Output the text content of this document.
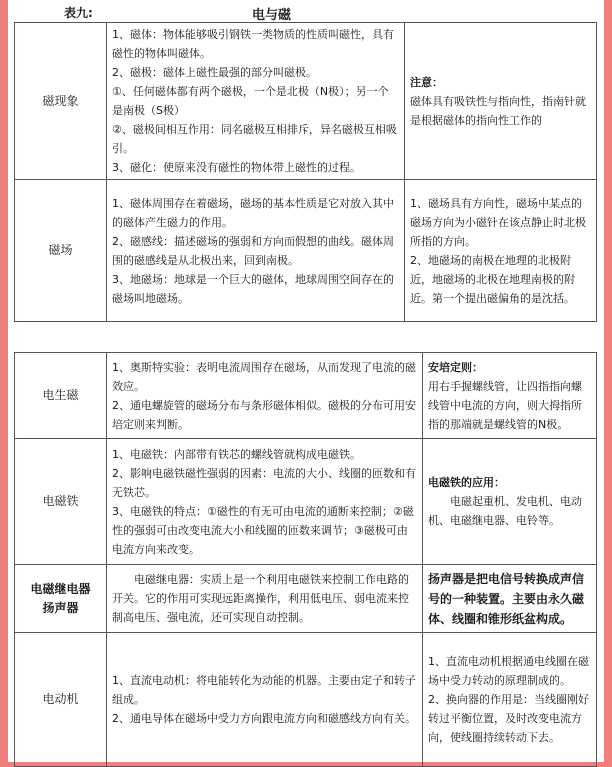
表九:	电与磁
磁现象	1、磁体：物体能够吸引钢铁一类物质的性质叫磁性，具有磁性的物体叫磁体。
2、磁极：磁体上磁性最强的部分叫磁极。
①、任何磁体都有两个磁极，一个是北极（N极）；另一个是南极（S极）
②、磁极间相互作用：同名磁极互相排斥，异名磁极互相吸引。
3、磁化：使原来没有磁性的物体带上磁性的过程。	注意：
磁体具有吸铁性与指向性，指南针就是根据磁体的指向性工作的

磁场	1、磁体周围存在着磁场，磁场的基本性质是它对放入其中的磁体产生磁力的作用。
2、磁感线：描述磁场的强弱和方向而假想的曲线。磁体周围的磁感线是从北极出来，回到南极。
3、地磁场：地球是一个巨大的磁体，地球周围空间存在的磁场叫地磁场。	1、磁场具有方向性，磁场中某点的磁场方向为小磁针在该点静止时北极所指的方向。
2、地磁场的南极在地理的北极附近，地磁场的北极在地理南极的附近。第一个提出磁偏角的是沈括。
电生磁	1、奥斯特实验：表明电流周围存在磁场，从而发现了电流的磁效应。
2、通电螺旋管的磁场分布与条形磁体相似。磁极的分布可用安培定则来判断。	安培定则：
用右手握螺线管，让四指指向螺线管中电流的方向，则大拇指所指的那端就是螺线管的N极。

电磁铁	1、电磁铁：内部带有铁芯的螺线管就构成电磁铁。
2、影响电磁铁磁性强弱的因素：电流的大小、线圈的匝数和有无铁芯。
3、电磁铁的特点：①磁性的有无可由电流的通断来控制；②磁性的强弱可由改变电流大小和线圈的匝数来调节；③磁极可由电流方向来改变。	电磁铁的应用：
电磁起重机、发电机、电动机、电磁继电器、电铃等。

电磁继电器
扬声器	电磁继电器：实质上是一个利用电磁铁来控制工作电路的开关。它的作用可实现远距离操作，利用低电压、弱电流来控制高电压、强电流，还可实现自动控制。	扬声器是把电信号转换成声信号的一种装置。主要由永久磁体、线圈和锥形纸盆构成。

电动机	1、直流电动机：将电能转化为动能的机器。主要由定子和转子组成。
2、通电导体在磁场中受力方向跟电流方向和磁感线方向有关。	1、直流电动机根据通电线圈在磁场中受力转动的原理制成的。
2、换向器的作用是：当线圈刚好转过平衡位置，及时改变电流方向，使线圈持续转动下去。
